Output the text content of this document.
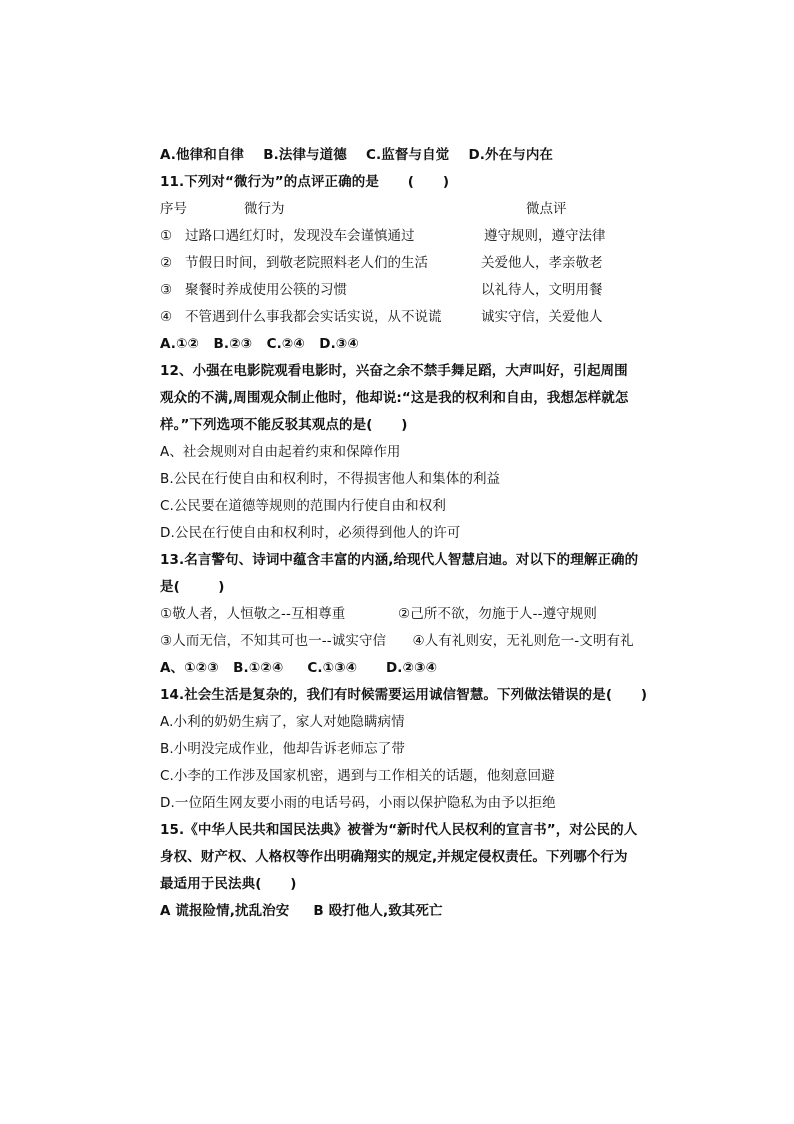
A.他律和自律    B.法律与道德    C.监督与自觉    D.外在与内在
11.下列对“微行为”的点评正确的是      (      )
序号	微行为	微点评
①   过路口遇红灯时，发现没车会谨慎通过	遵守规则，遵守法律
②   节假日时间，到敬老院照料老人们的生活	关爱他人，孝亲敬老
③   聚餐时养成使用公筷的习惯	以礼待人，文明用餐
④   不管遇到什么事我都会实话实说，从不说谎	诚实守信，关爱他人
A.①②   B.②③   C.②④   D.③④
12、小强在电影院观看电影时，兴奋之余不禁手舞足蹈，大声叫好，引起周围
观众的不满,周围观众制止他时，他却说:“这是我的权利和自由，我想怎样就怎
样。”下列选项不能反驳其观点的是(      )
A、社会规则对自由起着约束和保障作用
B.公民在行使自由和权利时，不得损害他人和集体的利益
C.公民要在道德等规则的范围内行使自由和权利
D.公民在行使自由和权利时，必须得到他人的许可
13.名言警句、诗词中蕴含丰富的内涵,给现代人智慧启迪。对以下的理解正确的
是(        )
①敬人者，人恒敬之--互相尊重            ②己所不欲，勿施于人--遵守规则
③人而无信，不知其可也一--诚实守信      ④人有礼则安，无礼则危一-文明有礼
A、①②③   B.①②④     C.①③④      D.②③④
14.社会生活是复杂的，我们有时候需要运用诚信智慧。下列做法错误的是(      )
A.小利的奶奶生病了，家人对她隐瞒病情
B.小明没完成作业，他却告诉老师忘了带
C.小李的工作涉及国家机密，遇到与工作相关的话题，他刻意回避
D.一位陌生网友要小雨的电话号码，小雨以保护隐私为由予以拒绝
15.《中华人民共和国民法典》被誉为“新时代人民权利的宣言书”，对公民的人
身权、财产权、人格权等作出明确翔实的规定,并规定侵权责任。下列哪个行为
最适用于民法典(      )
A 谎报险情,扰乱治安     B 殴打他人,致其死亡
